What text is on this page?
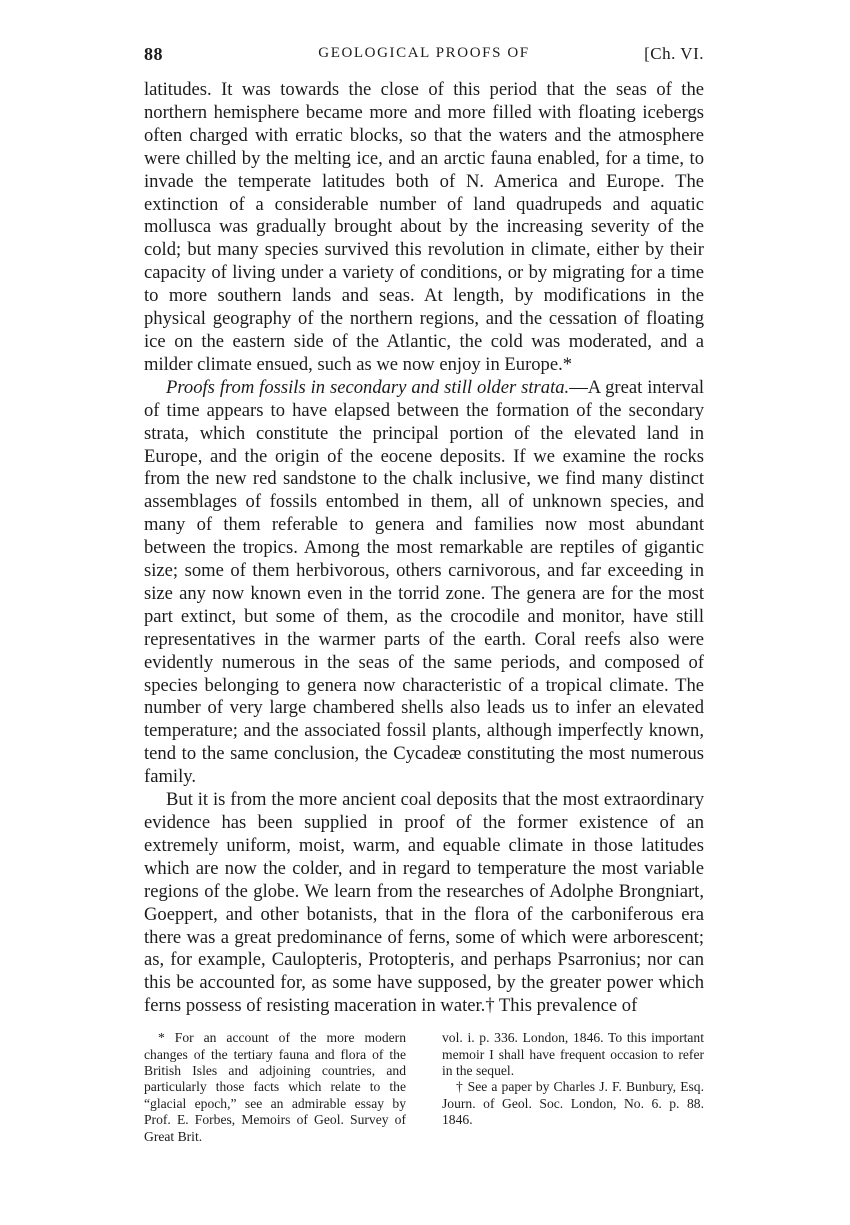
88	GEOLOGICAL PROOFS OF	[Ch. VI.

latitudes. It was towards the close of this period that the seas of the northern hemisphere became more and more filled with floating icebergs often charged with erratic blocks, so that the waters and the atmosphere were chilled by the melting ice, and an arctic fauna enabled, for a time, to invade the temperate latitudes both of N. America and Europe. The extinction of a considerable number of land quadrupeds and aquatic mollusca was gradually brought about by the increasing severity of the cold; but many species survived this revolution in climate, either by their capacity of living under a variety of conditions, or by migrating for a time to more southern lands and seas. At length, by modifications in the physical geography of the northern regions, and the cessation of floating ice on the eastern side of the Atlantic, the cold was moderated, and a milder climate ensued, such as we now enjoy in Europe.*

Proofs from fossils in secondary and still older strata.—A great interval of time appears to have elapsed between the formation of the secondary strata, which constitute the principal portion of the elevated land in Europe, and the origin of the eocene deposits. If we examine the rocks from the new red sandstone to the chalk inclusive, we find many distinct assemblages of fossils entombed in them, all of unknown species, and many of them referable to genera and families now most abundant between the tropics. Among the most remarkable are reptiles of gigantic size; some of them herbivorous, others carnivorous, and far exceeding in size any now known even in the torrid zone. The genera are for the most part extinct, but some of them, as the crocodile and monitor, have still representatives in the warmer parts of the earth. Coral reefs also were evidently numerous in the seas of the same periods, and composed of species belonging to genera now characteristic of a tropical climate. The number of very large chambered shells also leads us to infer an elevated temperature; and the associated fossil plants, although imperfectly known, tend to the same conclusion, the Cycadeæ constituting the most numerous family.

But it is from the more ancient coal deposits that the most extraordinary evidence has been supplied in proof of the former existence of an extremely uniform, moist, warm, and equable climate in those latitudes which are now the colder, and in regard to temperature the most variable regions of the globe. We learn from the researches of Adolphe Brongniart, Goeppert, and other botanists, that in the flora of the carboniferous era there was a great predominance of ferns, some of which were arborescent; as, for example, Caulopteris, Protopteris, and perhaps Psarronius; nor can this be accounted for, as some have supposed, by the greater power which ferns possess of resisting maceration in water.† This prevalence of

* For an account of the more modern changes of the tertiary fauna and flora of the British Isles and adjoining countries, and particularly those facts which relate to the “glacial epoch,” see an admirable essay by Prof. E. Forbes, Memoirs of Geol. Survey of Great Brit.

vol. i. p. 336. London, 1846. To this important memoir I shall have frequent occasion to refer in the sequel.

† See a paper by Charles J. F. Bunbury, Esq. Journ. of Geol. Soc. London, No. 6. p. 88. 1846.
